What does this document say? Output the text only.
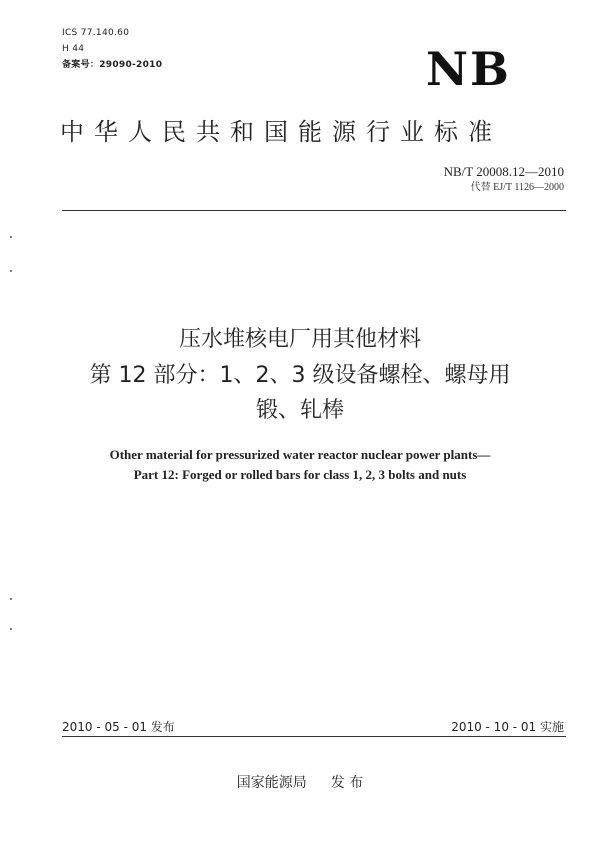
ICS 77.140.60
H 44
备案号：29090-2010	NB
中华人民共和国能源行业标准
NB/T 20008.12—2010
代替 EJ/T 1126—2000
压水堆核电厂用其他材料
第 12 部分：1、2、3 级设备螺栓、螺母用
锻、轧棒
Other material for pressurized water reactor nuclear power plants—
Part 12: Forged or rolled bars for class 1, 2, 3 bolts and nuts
2010 - 05 - 01 发布	2010 - 10 - 01 实施
国家能源局 发 布
